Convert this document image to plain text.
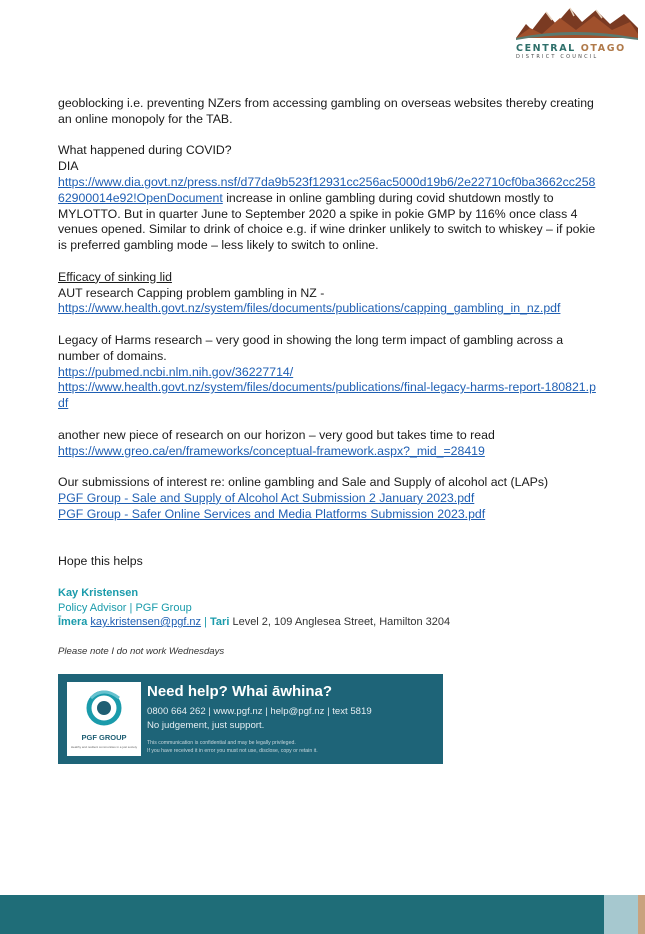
CENTRAL OTAGO
DISTRICT COUNCIL

geoblocking i.e. preventing NZers from accessing gambling on overseas websites thereby creating an online monopoly for the TAB.

What happened during COVID?

DIA

https://www.dia.govt.nz/press.nsf/d77da9b523f12931cc256ac5000d19b6/2e22710cf0ba3662cc25862900014e92!OpenDocument increase in online gambling during covid shutdown mostly to MYLOTTO. But in quarter June to September 2020 a spike in pokie GMP by 116% once class 4 venues opened. Similar to drink of choice e.g. if wine drinker unlikely to switch to whiskey – if pokie is preferred gambling mode – less likely to switch to online.

Efficacy of sinking lid

AUT research Capping problem gambling in NZ -

https://www.health.govt.nz/system/files/documents/publications/capping_gambling_in_nz.pdf

Legacy of Harms research – very good in showing the long term impact of gambling across a number of domains.

https://pubmed.ncbi.nlm.nih.gov/36227714/

https://www.health.govt.nz/system/files/documents/publications/final-legacy-harms-report-180821.pdf

another new piece of research on our horizon – very good but takes time to read

https://www.greo.ca/en/frameworks/conceptual-framework.aspx?_mid_=28419

Our submissions of interest re: online gambling and Sale and Supply of alcohol act (LAPs)

PGF Group - Sale and Supply of Alcohol Act Submission 2 January 2023.pdf

PGF Group - Safer Online Services and Media Platforms Submission 2023.pdf

Hope this helps

Kay Kristensen
Policy Advisor | PGF Group
Īmera kay.kristensen@pgf.nz | Tari Level 2, 109 Anglesea Street, Hamilton 3204
Please note I do not work Wednesdays
PGF GROUP
Healthy and resilient communities in a just society
Need help? Whai āwhina?
0800 664 262 | www.pgf.nz | help@pgf.nz | text 5819
No judgement, just support.
This communication is confidential and may be legally privileged.
If you have received it in error you must not use, disclose, copy or retain it.
